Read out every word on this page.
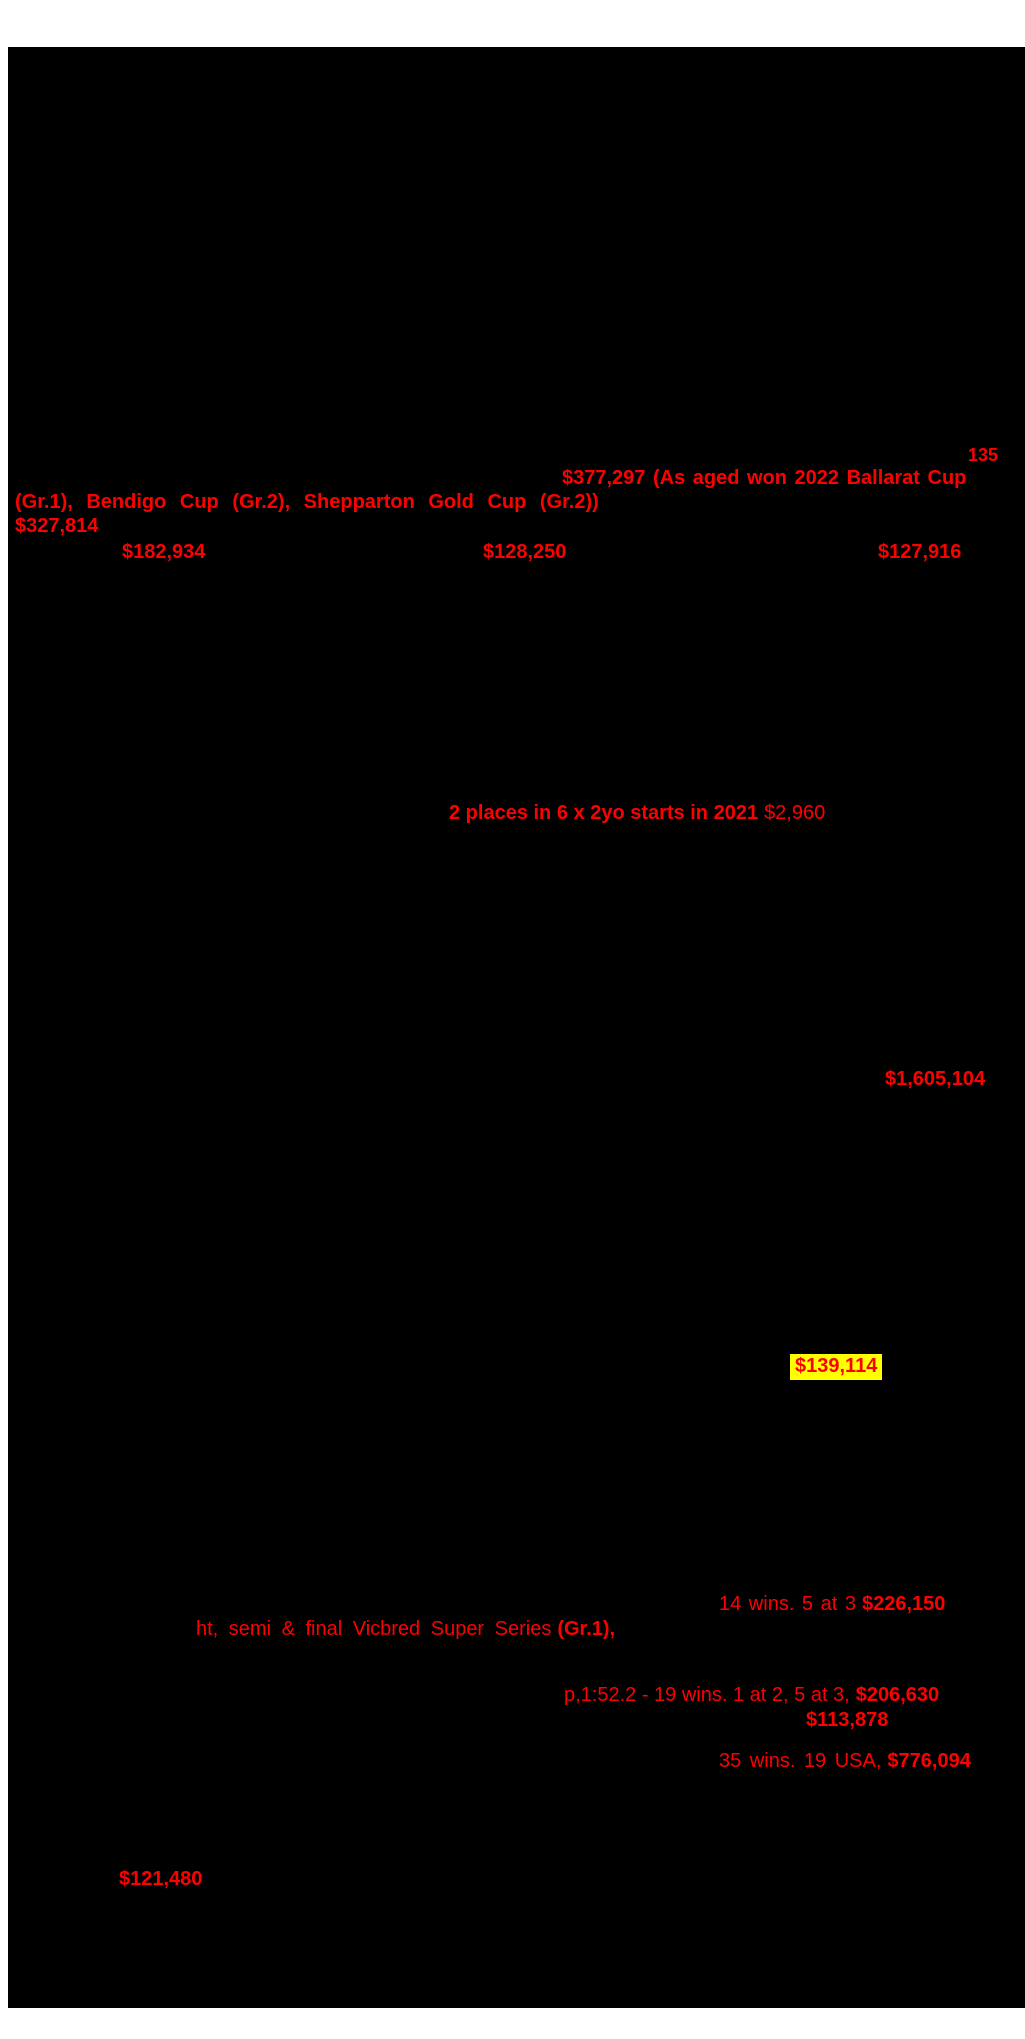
135
$377,297 (As aged won 2022 Ballarat Cup
(Gr.1), Bendigo Cup (Gr.2), Shepparton Gold Cup (Gr.2))
$327,814
$182,934	$128,250	$127,916
2 places in 6 x 2yo starts in 2021 $2,960
$1,605,104
$139,114
14 wins. 5 at 3 $226,150
ht, semi & final Vicbred Super Series (Gr.1),
p,1:52.2 - 19 wins. 1 at 2, 5 at 3, $206,630
$113,878
35 wins. 19 USA, $776,094
$121,480
